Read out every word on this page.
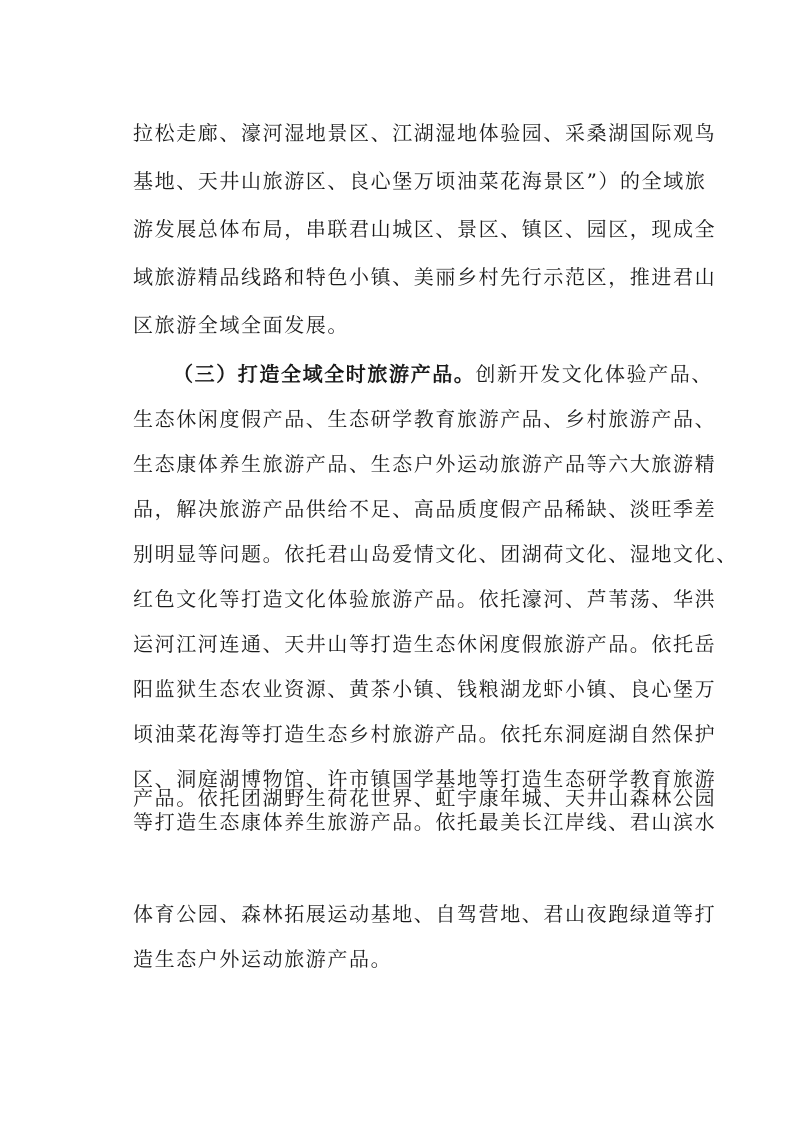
拉松走廊、濠河湿地景区、江湖湿地体验园、采桑湖国际观鸟
基地、天井山旅游区、良心堡万顷油菜花海景区”）的全域旅
游发展总体布局，串联君山城区、景区、镇区、园区，现成全
域旅游精品线路和特色小镇、美丽乡村先行示范区，推进君山
区旅游全域全面发展。
（三）打造全域全时旅游产品。创新开发文化体验产品、
生态休闲度假产品、生态研学教育旅游产品、乡村旅游产品、
生态康体养生旅游产品、生态户外运动旅游产品等六大旅游精
品，解决旅游产品供给不足、高品质度假产品稀缺、淡旺季差
别明显等问题。依托君山岛爱情文化、团湖荷文化、湿地文化、
红色文化等打造文化体验旅游产品。依托濠河、芦苇荡、华洪
运河江河连通、天井山等打造生态休闲度假旅游产品。依托岳
阳监狱生态农业资源、黄茶小镇、钱粮湖龙虾小镇、良心堡万
顷油菜花海等打造生态乡村旅游产品。依托东洞庭湖自然保护
区、洞庭湖博物馆、许市镇国学基地等打造生态研学教育旅游
产品。依托团湖野生荷花世界、虹宇康年城、天井山森林公园
等打造生态康体养生旅游产品。依托最美长江岸线、君山滨水
体育公园、森林拓展运动基地、自驾营地、君山夜跑绿道等打
造生态户外运动旅游产品。
